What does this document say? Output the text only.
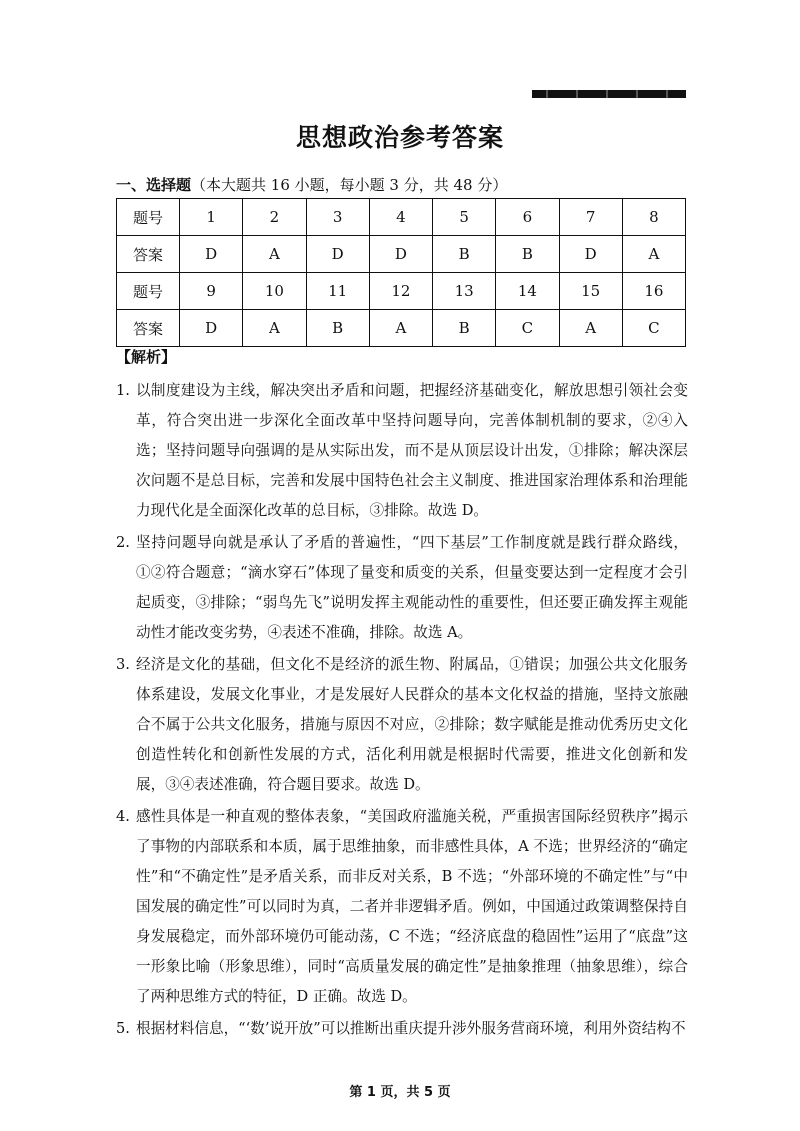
思想政治参考答案
一、选择题（本大题共 16 小题，每小题 3 分，共 48 分）
题号	1	2	3	4	5	6	7	8
答案	D	A	D	D	B	B	D	A
题号	9	10	11	12	13	14	15	16
答案	D	A	B	A	B	C	A	C
【解析】
1. 以制度建设为主线，解决突出矛盾和问题，把握经济基础变化，解放思想引领社会变革，符合突出进一步深化全面改革中坚持问题导向，完善体制机制的要求，②④入选；坚持问题导向强调的是从实际出发，而不是从顶层设计出发，①排除；解决深层次问题不是总目标，完善和发展中国特色社会主义制度、推进国家治理体系和治理能力现代化是全面深化改革的总目标，③排除。故选 D。
2. 坚持问题导向就是承认了矛盾的普遍性，“四下基层”工作制度就是践行群众路线，①②符合题意；“滴水穿石”体现了量变和质变的关系，但量变要达到一定程度才会引起质变，③排除；“弱鸟先飞”说明发挥主观能动性的重要性，但还要正确发挥主观能动性才能改变劣势，④表述不准确，排除。故选 A。
3. 经济是文化的基础，但文化不是经济的派生物、附属品，①错误；加强公共文化服务体系建设，发展文化事业，才是发展好人民群众的基本文化权益的措施，坚持文旅融合不属于公共文化服务，措施与原因不对应，②排除；数字赋能是推动优秀历史文化创造性转化和创新性发展的方式，活化利用就是根据时代需要，推进文化创新和发展，③④表述准确，符合题目要求。故选 D。
4. 感性具体是一种直观的整体表象，“美国政府滥施关税，严重损害国际经贸秩序”揭示了事物的内部联系和本质，属于思维抽象，而非感性具体，A 不选；世界经济的“确定性”和“不确定性”是矛盾关系，而非反对关系，B 不选；“外部环境的不确定性”与“中国发展的确定性”可以同时为真，二者并非逻辑矛盾。例如，中国通过政策调整保持自身发展稳定，而外部环境仍可能动荡，C 不选；“经济底盘的稳固性”运用了“底盘”这一形象比喻（形象思维），同时“高质量发展的确定性”是抽象推理（抽象思维），综合了两种思维方式的特征，D 正确。故选 D。
5. 根据材料信息，“‘数’说开放”可以推断出重庆提升涉外服务营商环境，利用外资结构不
第 1 页，共 5 页
